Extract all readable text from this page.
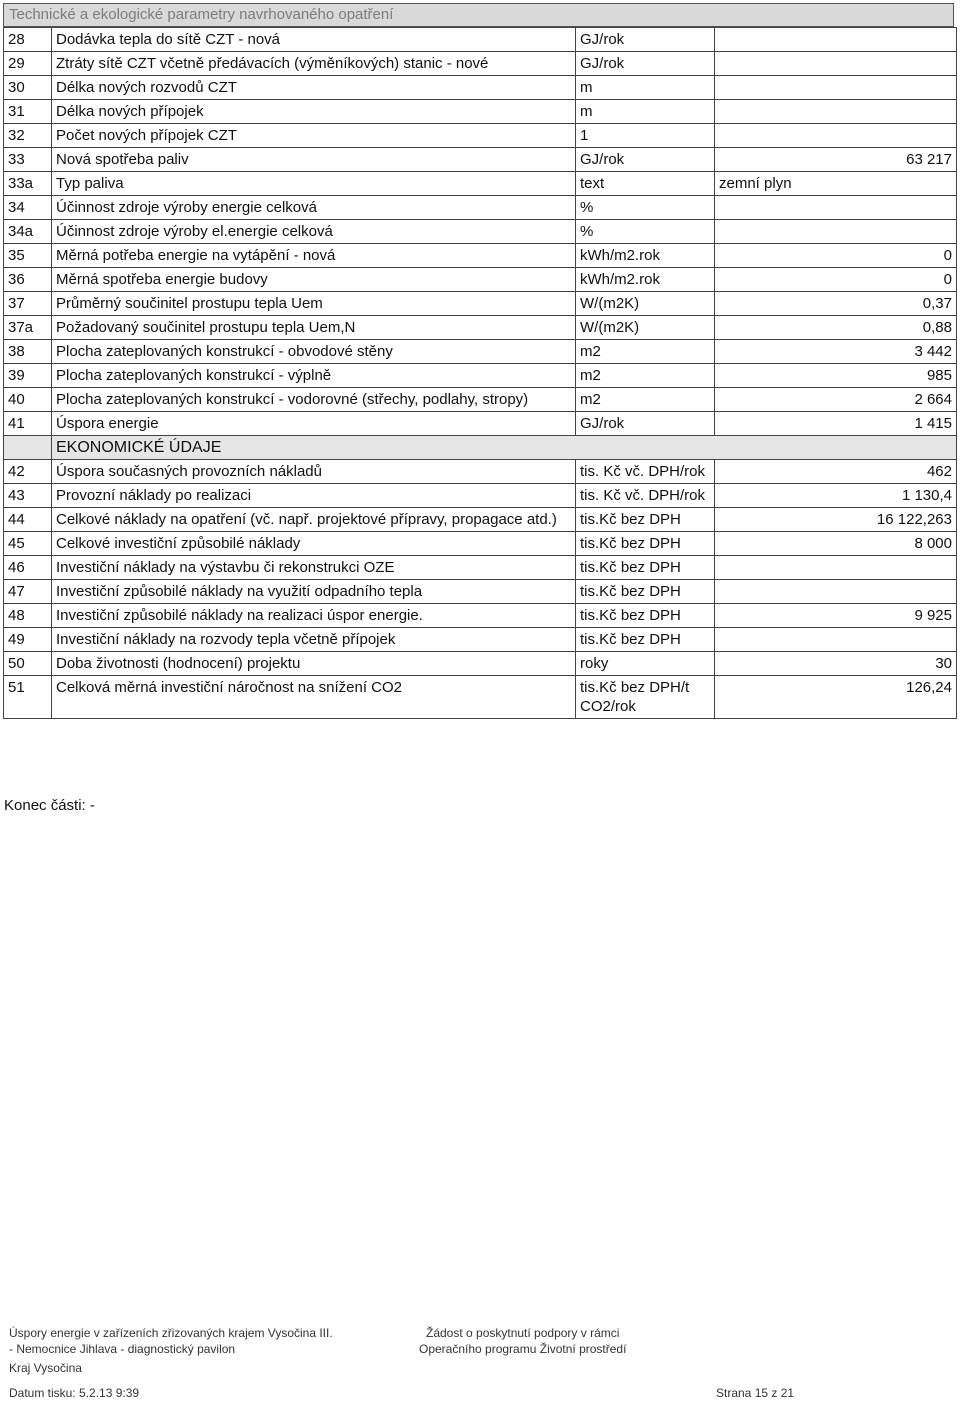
Technické a ekologické parametry navrhovaného opatření
28	Dodávka tepla do sítě CZT - nová	GJ/rok	
29	Ztráty sítě CZT včetně předávacích (výměníkových) stanic - nové	GJ/rok	
30	Délka nových rozvodů CZT	m	
31	Délka nových přípojek	m	
32	Počet nových přípojek CZT	1	
33	Nová spotřeba paliv	GJ/rok	63 217
33a	Typ paliva	text	zemní plyn
34	Účinnost zdroje výroby energie celková	%	
34a	Účinnost zdroje výroby el.energie celková	%	
35	Měrná potřeba energie na vytápění - nová	kWh/m2.rok	0
36	Měrná spotřeba energie budovy	kWh/m2.rok	0
37	Průměrný součinitel prostupu tepla Uem	W/(m2K)	0,37
37a	Požadovaný součinitel prostupu tepla Uem,N	W/(m2K)	0,88
38	Plocha zateplovaných konstrukcí - obvodové stěny	m2	3 442
39	Plocha zateplovaných konstrukcí - výplně	m2	985
40	Plocha zateplovaných konstrukcí - vodorovné (střechy, podlahy, stropy)	m2	2 664
41	Úspora energie	GJ/rok	1 415
	EKONOMICKÉ ÚDAJE		
42	Úspora současných provozních nákladů	tis. Kč vč. DPH/rok	462
43	Provozní náklady po realizaci	tis. Kč vč. DPH/rok	1 130,4
44	Celkové náklady na opatření (vč. např. projektové přípravy, propagace atd.)	tis.Kč bez DPH	16 122,263
45	Celkové investiční způsobilé náklady	tis.Kč bez DPH	8 000
46	Investiční náklady na výstavbu či rekonstrukci OZE	tis.Kč bez DPH	
47	Investiční způsobilé náklady na využití odpadního tepla	tis.Kč bez DPH	
48	Investiční způsobilé náklady na realizaci úspor energie.	tis.Kč bez DPH	9 925
49	Investiční náklady na rozvody tepla včetně přípojek	tis.Kč bez DPH	
50	Doba životnosti (hodnocení) projektu	roky	30
51	Celková měrná investiční náročnost na snížení CO2	tis.Kč bez DPH/t CO2/rok	126,24
Konec části: -
Úspory energie v zařízeních zřizovaných krajem Vysočina III.
- Nemocnice Jihlava - diagnostický pavilon
Žádost o poskytnutí podpory v rámci
Operačního programu Životní prostředí
Kraj Vysočina
Datum tisku: 5.2.13 9:39	Strana 15 z 21
